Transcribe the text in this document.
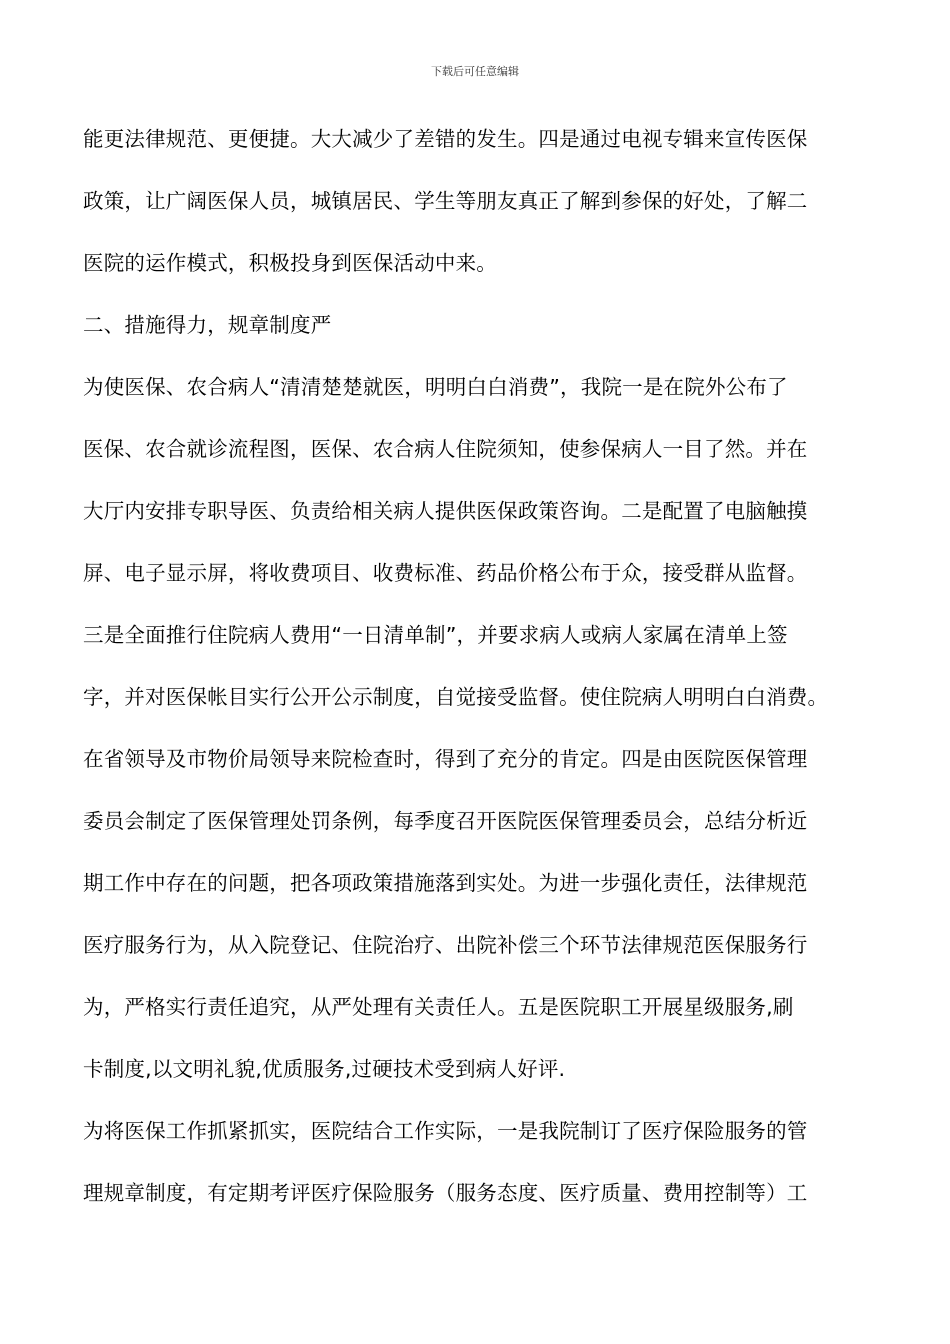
下载后可任意编辑
能更法律规范、更便捷。大大减少了差错的发生。四是通过电视专辑来宣传医保
政策，让广阔医保人员，城镇居民、学生等朋友真正了解到参保的好处，了解二
医院的运作模式，积极投身到医保活动中来。
二、措施得力，规章制度严
为使医保、农合病人“清清楚楚就医，明明白白消费”，我院一是在院外公布了
医保、农合就诊流程图，医保、农合病人住院须知，使参保病人一目了然。并在
大厅内安排专职导医、负责给相关病人提供医保政策咨询。二是配置了电脑触摸
屏、电子显示屏，将收费项目、收费标准、药品价格公布于众，接受群从监督。
三是全面推行住院病人费用“一日清单制”，并要求病人或病人家属在清单上签
字，并对医保帐目实行公开公示制度，自觉接受监督。使住院病人明明白白消费。
在省领导及市物价局领导来院检查时，得到了充分的肯定。四是由医院医保管理
委员会制定了医保管理处罚条例，每季度召开医院医保管理委员会，总结分析近
期工作中存在的问题，把各项政策措施落到实处。为进一步强化责任，法律规范
医疗服务行为，从入院登记、住院治疗、出院补偿三个环节法律规范医保服务行
为，严格实行责任追究，从严处理有关责任人。五是医院职工开展星级服务,刷
卡制度,以文明礼貌,优质服务,过硬技术受到病人好评.
为将医保工作抓紧抓实，医院结合工作实际，一是我院制订了医疗保险服务的管
理规章制度，有定期考评医疗保险服务（服务态度、医疗质量、费用控制等）工
